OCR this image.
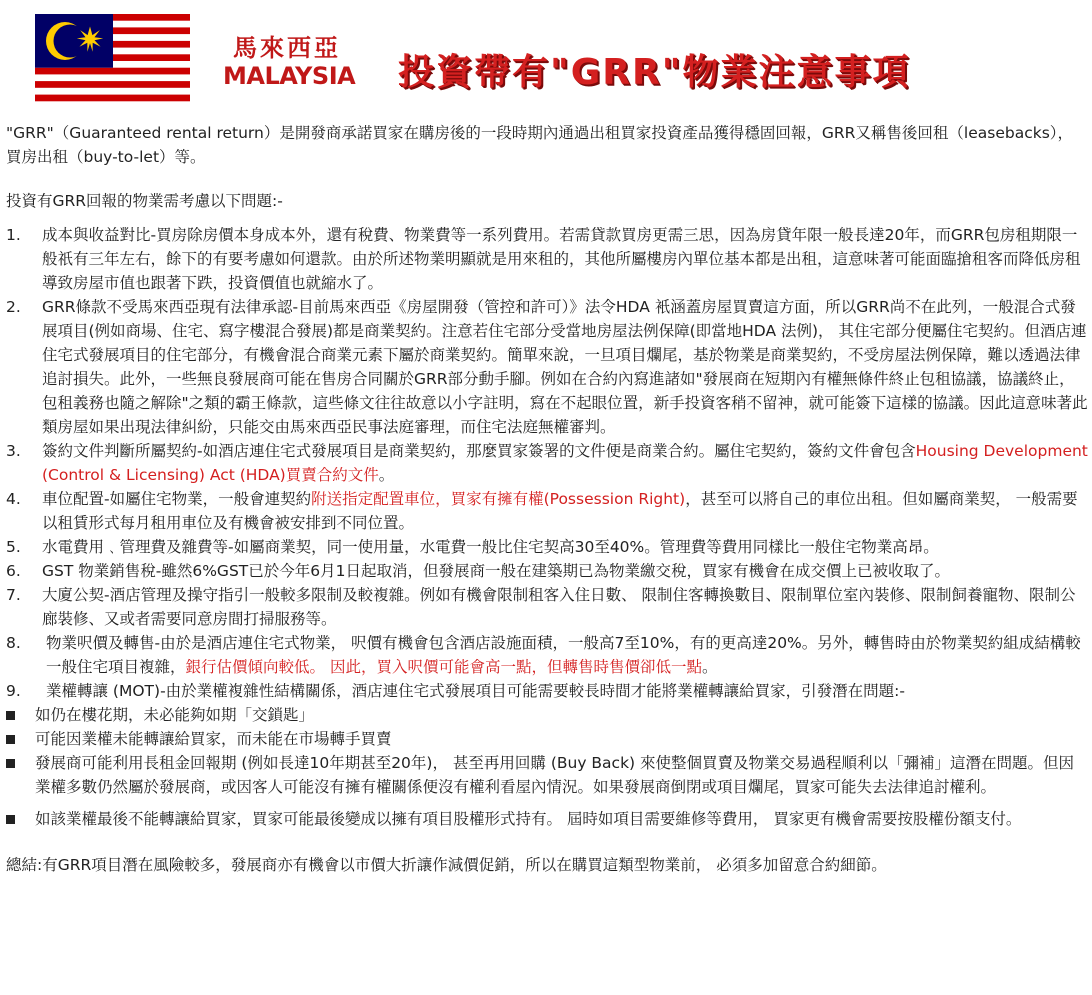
馬來西亞
MALAYSIA 投資帶有"GRR"物業注意事項

"GRR"（Guaranteed rental return）是開發商承諾買家在購房後的一段時期內通過出租買家投資產品獲得穩固回報，GRR又稱售後回租（leasebacks），買房出租（buy-to-let）等。

投資有GRR回報的物業需考慮以下問題:-

1.	成本與收益對比-買房除房價本身成本外，還有稅費、物業費等一系列費用。若需貸款買房更需三思，因為房貸年限一般長達20年，而GRR包房租期限一般祇有三年左右，餘下的有要考慮如何還款。由於所述物業明顯就是用來租的，其他所屬樓房內單位基本都是出租，這意味著可能面臨搶租客而降低房租導致房屋市值也跟著下跌，投資價值也就縮水了。
2.	GRR條款不受馬來西亞現有法律承認-目前馬來西亞《房屋開發（管控和許可）》法令HDA 衹涵蓋房屋買賣這方面，所以GRR尚不在此列，一般混合式發展項目(例如商場、住宅、寫字樓混合發展)都是商業契約。注意若住宅部分受當地房屋法例保障(即當地HDA 法例)， 其住宅部分便屬住宅契約。但酒店連住宅式發展項目的住宅部分，有機會混合商業元素下屬於商業契約。簡單來說，一旦項目爛尾，基於物業是商業契約，不受房屋法例保障，難以透過法律追討損失。此外，一些無良發展商可能在售房合同關於GRR部分動手腳。例如在合約內寫進諸如"發展商在短期內有權無條件終止包租協議，協議終止，包租義務也隨之解除"之類的霸王條款，這些條文往往故意以小字註明，寫在不起眼位置，新手投資客稍不留神，就可能簽下這樣的協議。因此這意味著此類房屋如果出現法律糾紛，只能交由馬來西亞民事法庭審理，而住宅法庭無權審判。
3.	簽約文件判斷所屬契約-如酒店連住宅式發展項目是商業契約，那麼買家簽署的文件便是商業合約。屬住宅契約，簽約文件會包含Housing Development (Control & Licensing) Act (HDA)買賣合約文件。
4.	車位配置-如屬住宅物業，一般會連契約附送指定配置車位，買家有擁有權(Possession Right)，甚至可以將自己的車位出租。但如屬商業契， 一般需要以租賃形式每月租用車位及有機會被安排到不同位置。
5.	水電費用﹑管理費及雜費等-如屬商業契，同一使用量，水電費一般比住宅契高30至40%。管理費等費用同樣比一般住宅物業高昂。
6.	GST 物業銷售稅-雖然6%GST已於今年6月1日起取消，但發展商一般在建築期已為物業繳交稅，買家有機會在成交價上已被收取了。
7.	大廈公契-酒店管理及操守指引一般較多限制及較複雜。例如有機會限制租客入住日數、 限制住客轉換數目、限制單位室內裝修、限制飼養寵物、限制公廊裝修、又或者需要同意房間打掃服務等。
8.	物業呎價及轉售-由於是酒店連住宅式物業， 呎價有機會包含酒店設施面積，一般高7至10%，有的更高達20%。另外，轉售時由於物業契約組成結構較一般住宅項目複雜，銀行估價傾向較低。 因此，買入呎價可能會高一點，但轉售時售價卻低一點。
9.	業權轉讓 (MOT)-由於業權複雜性結構關係，酒店連住宅式發展項目可能需要較長時間才能將業權轉讓給買家，引發潛在問題:-
如仍在樓花期，未必能夠如期「交鎖匙」
可能因業權未能轉讓給買家，而未能在市場轉手買賣
發展商可能利用長租金回報期 (例如長達10年期甚至20年)， 甚至再用回購 (Buy Back) 來使整個買賣及物業交易過程順利以「彌補」這潛在問題。但因業權多數仍然屬於發展商，或因客人可能沒有擁有權關係便沒有權利看屋內情況。如果發展商倒閉或項目爛尾，買家可能失去法律追討權利。
如該業權最後不能轉讓給買家，買家可能最後變成以擁有項目股權形式持有。 屆時如項目需要維修等費用， 買家更有機會需要按股權份額支付。

總結:有GRR項目潛在風險較多，發展商亦有機會以市價大折讓作減價促銷，所以在購買這類型物業前， 必須多加留意合約細節。
